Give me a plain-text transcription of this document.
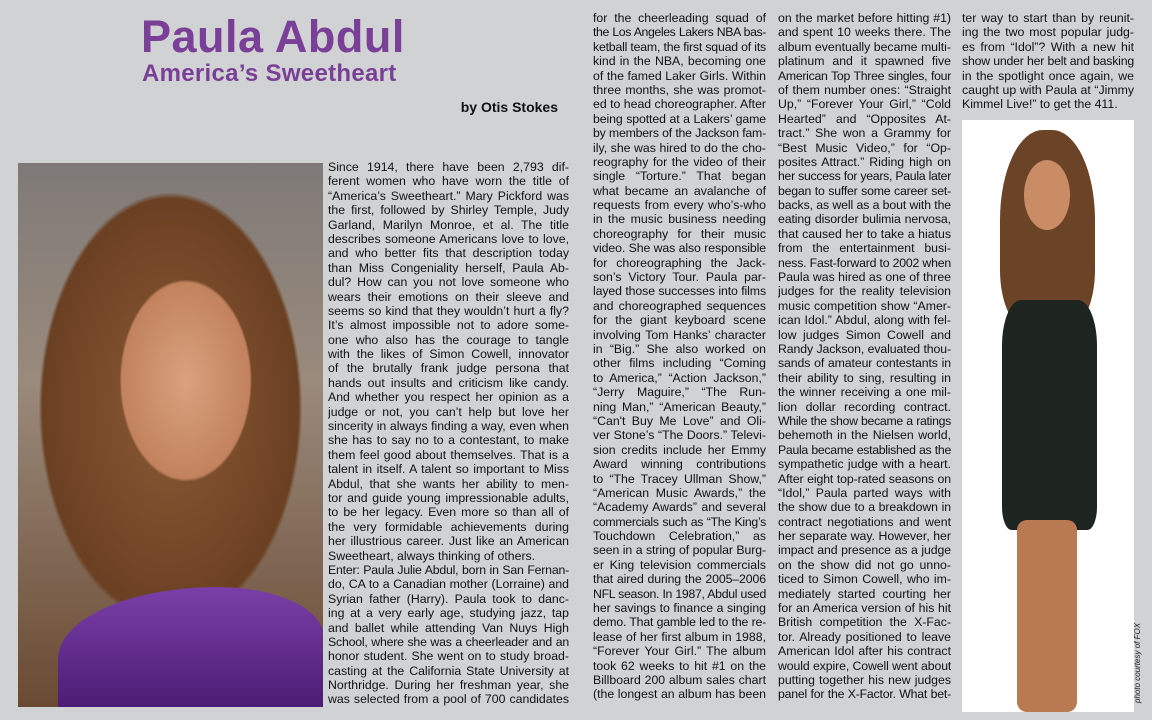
Paula Abdul
America’s Sweetheart
by Otis Stokes
photo courtesy of FOX
Since 1914, there have been 2,793 dif-
ferent women who have worn the title of
“America’s Sweetheart.” Mary Pickford was
the first, followed by Shirley Temple, Judy
Garland, Marilyn Monroe, et al. The title
describes someone Americans love to love,
and who better fits that description today
than Miss Congeniality herself, Paula Ab-
dul? How can you not love someone who
wears their emotions on their sleeve and
seems so kind that they wouldn’t hurt a fly?
It’s almost impossible not to adore some-
one who also has the courage to tangle
with the likes of Simon Cowell, innovator
of the brutally frank judge persona that
hands out insults and criticism like candy.
And whether you respect her opinion as a
judge or not, you can’t help but love her
sincerity in always finding a way, even when
she has to say no to a contestant, to make
them feel good about themselves. That is a
talent in itself. A talent so important to Miss
Abdul, that she wants her ability to men-
tor and guide young impressionable adults,
to be her legacy. Even more so than all of
the very formidable achievements during
her illustrious career. Just like an American
Sweetheart, always thinking of others.
Enter: Paula Julie Abdul, born in San Fernan-
do, CA to a Canadian mother (Lorraine) and
Syrian father (Harry). Paula took to danc-
ing at a very early age, studying jazz, tap
and ballet while attending Van Nuys High
School, where she was a cheerleader and an
honor student. She went on to study broad-
casting at the California State University at
Northridge. During her freshman year, she
was selected from a pool of 700 candidates
for the cheerleading squad of
the Los Angeles Lakers NBA bas-
ketball team, the first squad of its
kind in the NBA, becoming one
of the famed Laker Girls. Within
three months, she was promot-
ed to head choreographer. After
being spotted at a Lakers’ game
by members of the Jackson fam-
ily, she was hired to do the cho-
reography for the video of their
single “Torture.” That began
what became an avalanche of
requests from every who’s-who
in the music business needing
choreography for their music
video. She was also responsible
for choreographing the Jack-
son’s Victory Tour. Paula par-
layed those successes into films
and choreographed sequences
for the giant keyboard scene
involving Tom Hanks’ character
in “Big.” She also worked on
other films including “Coming
to America,” “Action Jackson,”
“Jerry Maguire,” “The Run-
ning Man,” “American Beauty,”
“Can't Buy Me Love” and Oli-
ver Stone’s “The Doors.” Televi-
sion credits include her Emmy
Award winning contributions
to “The Tracey Ullman Show,”
“American Music Awards,” the
“Academy Awards” and several
commercials such as “The King’s
Touchdown Celebration,” as
seen in a string of popular Burg-
er King television commercials
that aired during the 2005–2006
NFL season. In 1987, Abdul used
her savings to finance a singing
demo. That gamble led to the re-
lease of her first album in 1988,
“Forever Your Girl.” The album
took 62 weeks to hit #1 on the
Billboard 200 album sales chart
(the longest an album has been
on the market before hitting #1)
and spent 10 weeks there. The
album eventually became multi-
platinum and it spawned five
American Top Three singles, four
of them number ones: “Straight
Up,” “Forever Your Girl,” “Cold
Hearted” and “Opposites At-
tract.” She won a Grammy for
“Best Music Video,” for “Op-
posites Attract.” Riding high on
her success for years, Paula later
began to suffer some career set-
backs, as well as a bout with the
eating disorder bulimia nervosa,
that caused her to take a hiatus
from the entertainment busi-
ness. Fast-forward to 2002 when
Paula was hired as one of three
judges for the reality television
music competition show “Amer-
ican Idol.” Abdul, along with fel-
low judges Simon Cowell and
Randy Jackson, evaluated thou-
sands of amateur contestants in
their ability to sing, resulting in
the winner receiving a one mil-
lion dollar recording contract.
While the show became a ratings
behemoth in the Nielsen world,
Paula became established as the
sympathetic judge with a heart.
After eight top-rated seasons on
“Idol,” Paula parted ways with
the show due to a breakdown in
contract negotiations and went
her separate way. However, her
impact and presence as a judge
on the show did not go unno-
ticed to Simon Cowell, who im-
mediately started courting her
for an America version of his hit
British competition the X-Fac-
tor. Already positioned to leave
American Idol after his contract
would expire, Cowell went about
putting together his new judges
panel for the X-Factor. What bet-
ter way to start than by reunit-
ing the two most popular judg-
es from “Idol”? With a new hit
show under her belt and basking
in the spotlight once again, we
caught up with Paula at “Jimmy
Kimmel Live!” to get the 411.
